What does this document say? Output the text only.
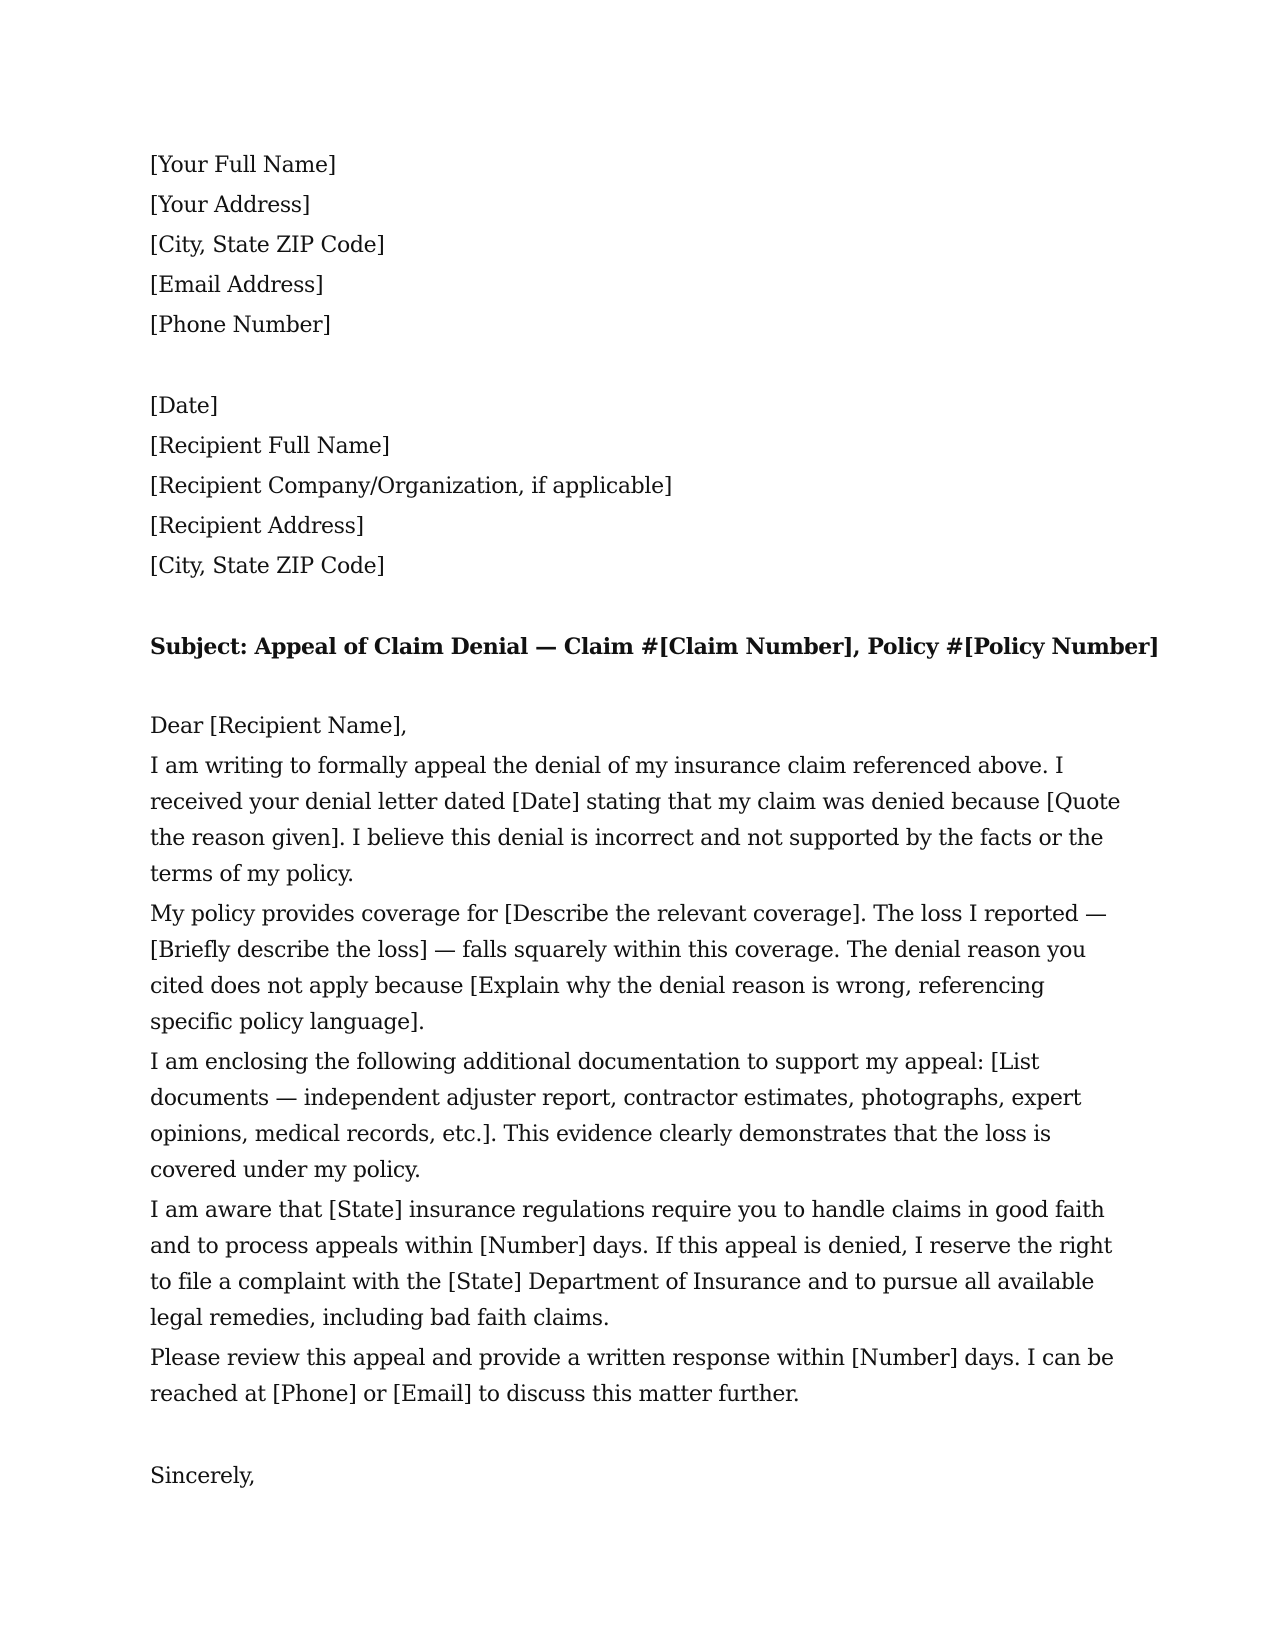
[Your Full Name]
[Your Address]
[City, State ZIP Code]
[Email Address]
[Phone Number]
[Date]
[Recipient Full Name]
[Recipient Company/Organization, if applicable]
[Recipient Address]
[City, State ZIP Code]
Subject: Appeal of Claim Denial — Claim #[Claim Number], Policy #[Policy Number]
Dear [Recipient Name],

I am writing to formally appeal the denial of my insurance claim referenced above. I received your denial letter dated [Date] stating that my claim was denied because [Quote the reason given]. I believe this denial is incorrect and not supported by the facts or the terms of my policy.

My policy provides coverage for [Describe the relevant coverage]. The loss I reported — [Briefly describe the loss] — falls squarely within this coverage. The denial reason you cited does not apply because [Explain why the denial reason is wrong, referencing specific policy language].

I am enclosing the following additional documentation to support my appeal: [List documents — independent adjuster report, contractor estimates, photographs, expert opinions, medical records, etc.]. This evidence clearly demonstrates that the loss is covered under my policy.

I am aware that [State] insurance regulations require you to handle claims in good faith and to process appeals within [Number] days. If this appeal is denied, I reserve the right to file a complaint with the [State] Department of Insurance and to pursue all available legal remedies, including bad faith claims.

Please review this appeal and provide a written response within [Number] days. I can be reached at [Phone] or [Email] to discuss this matter further.

Sincerely,
